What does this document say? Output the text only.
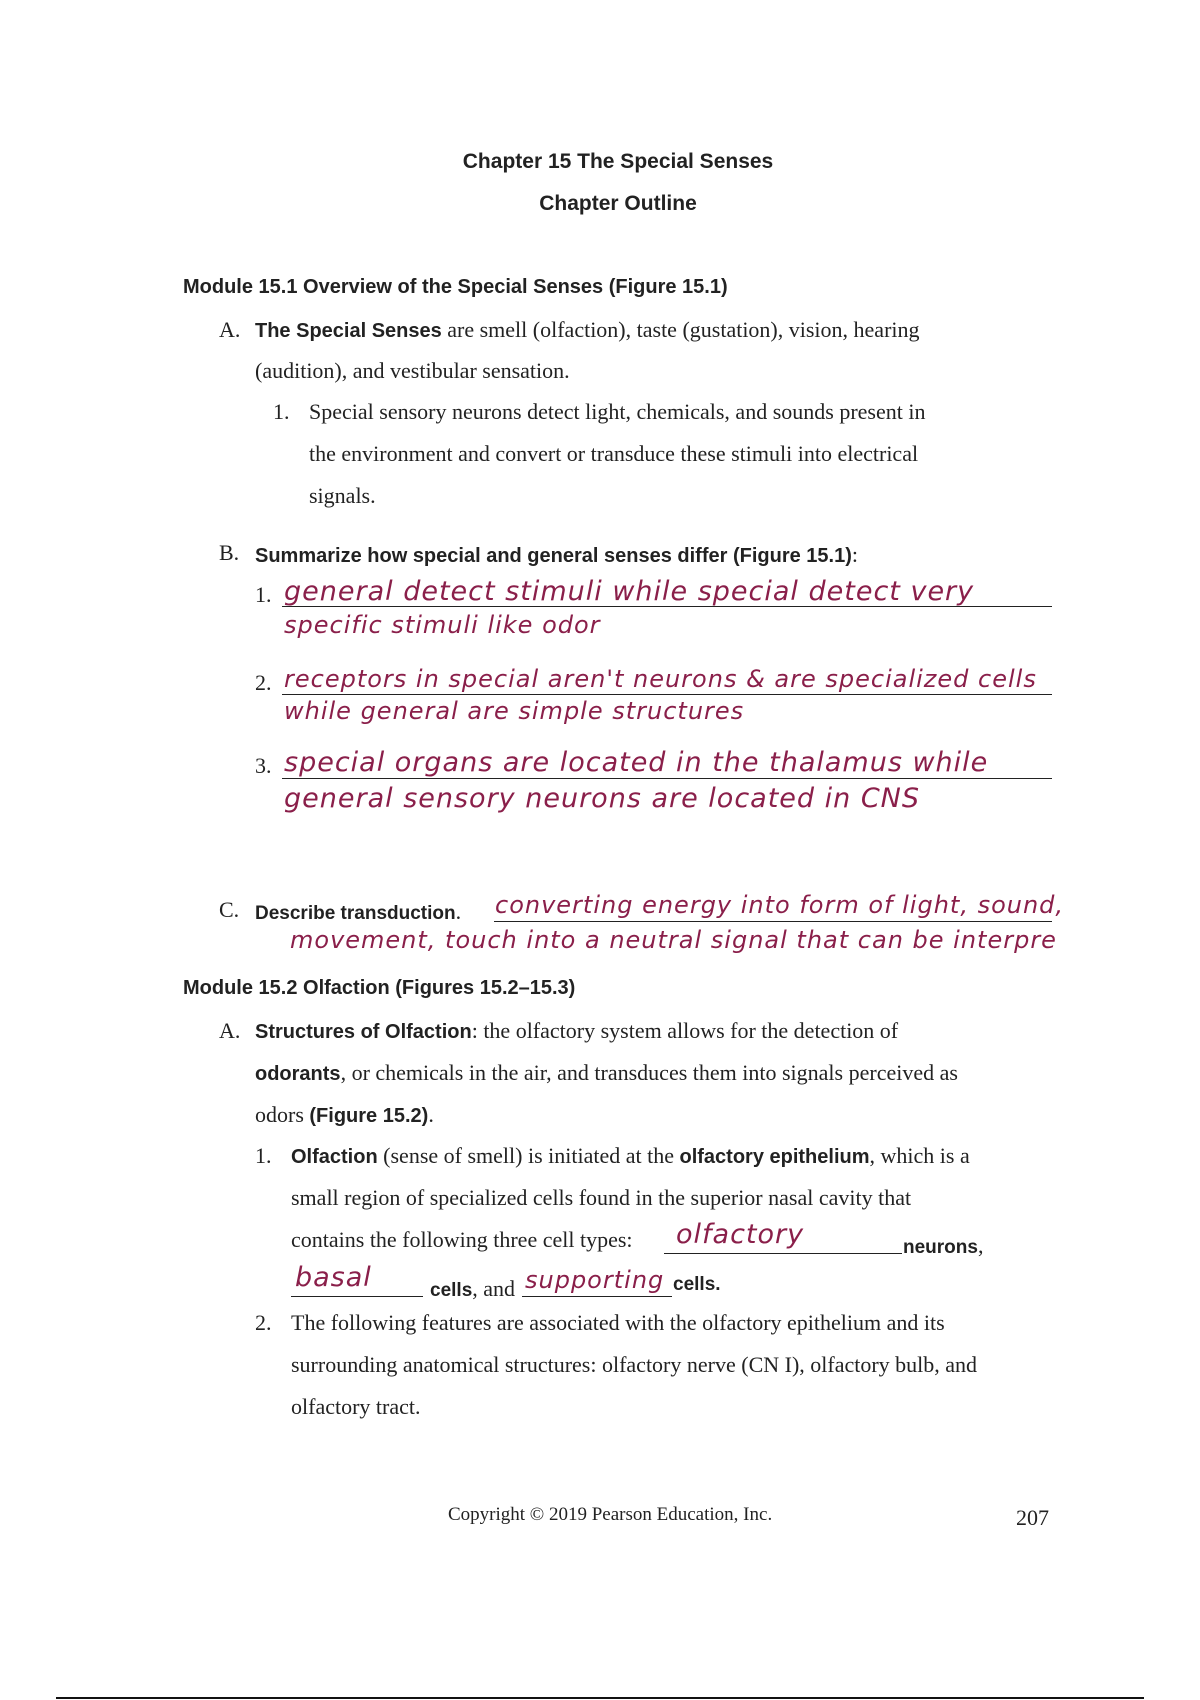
Chapter 15 The Special Senses
Chapter Outline
Module 15.1 Overview of the Special Senses (Figure 15.1)
A. The Special Senses are smell (olfaction), taste (gustation), vision, hearing
(audition), and vestibular sensation.
1. Special sensory neurons detect light, chemicals, and sounds present in
the environment and convert or transduce these stimuli into electrical
signals.
B. Summarize how special and general senses differ (Figure 15.1):
1. general detect stimuli while special detect very
specific stimuli like odor
2. receptors in special aren't neurons & are specialized cells
while general are simple structures
3. special organs are located in the thalamus while
general sensory neurons are located in CNS
C. Describe transduction. converting energy into form of light, sound,
movement, touch into a neutral signal that can be interpre
Module 15.2 Olfaction (Figures 15.2–15.3)
A. Structures of Olfaction: the olfactory system allows for the detection of
odorants, or chemicals in the air, and transduces them into signals perceived as
odors (Figure 15.2).
1. Olfaction (sense of smell) is initiated at the olfactory epithelium, which is a
small region of specialized cells found in the superior nasal cavity that
contains the following three cell types: olfactory	neurons,
basal	cells, and supporting cells.
2. The following features are associated with the olfactory epithelium and its
surrounding anatomical structures: olfactory nerve (CN I), olfactory bulb, and
olfactory tract.
Copyright © 2019 Pearson Education, Inc.	207
